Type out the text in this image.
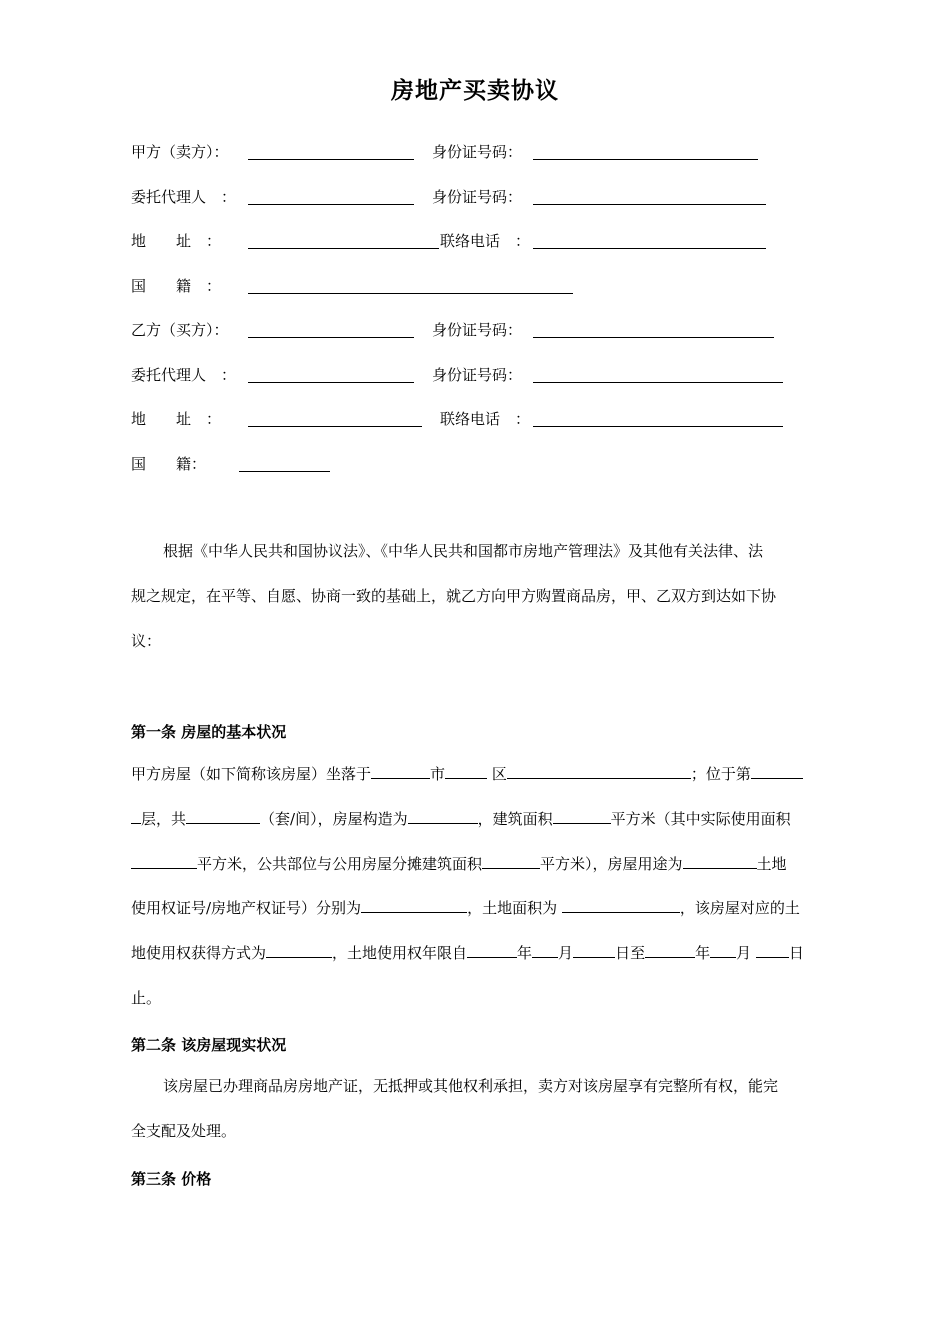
房地产买卖协议
甲方（卖方）：	身份证号码：
委托代理人　：	身份证号码：
地　　址　：	联络电话　：
国　　籍　：
乙方（买方）：	身份证号码：
委托代理人　：	身份证号码：
地　　址　：	联络电话　：
国　　籍：

根据《中华人民共和国协议法》、《中华人民共和国都市房地产管理法》及其他有关法律、法

规之规定，在平等、自愿、协商一致的基础上，就乙方向甲方购置商品房，甲、乙双方到达如下协

议：

第一条 房屋的基本状况

甲方房屋（如下简称该房屋）坐落于	市	区	；位于第

层，共	（套/间），房屋构造为	，建筑面积	平方米（其中实际使用面积

平方米，公共部位与公用房屋分摊建筑面积	平方米），房屋用途为	土地

使用权证号/房地产权证号）分别为	，土地面积为	，该房屋对应的土

地使用权获得方式为	，土地使用权年限自	年 月	日至	年 月	日

止。

第二条 该房屋现实状况

该房屋已办理商品房房地产证，无抵押或其他权利承担，卖方对该房屋享有完整所有权，能完

全支配及处理。

第三条 价格
